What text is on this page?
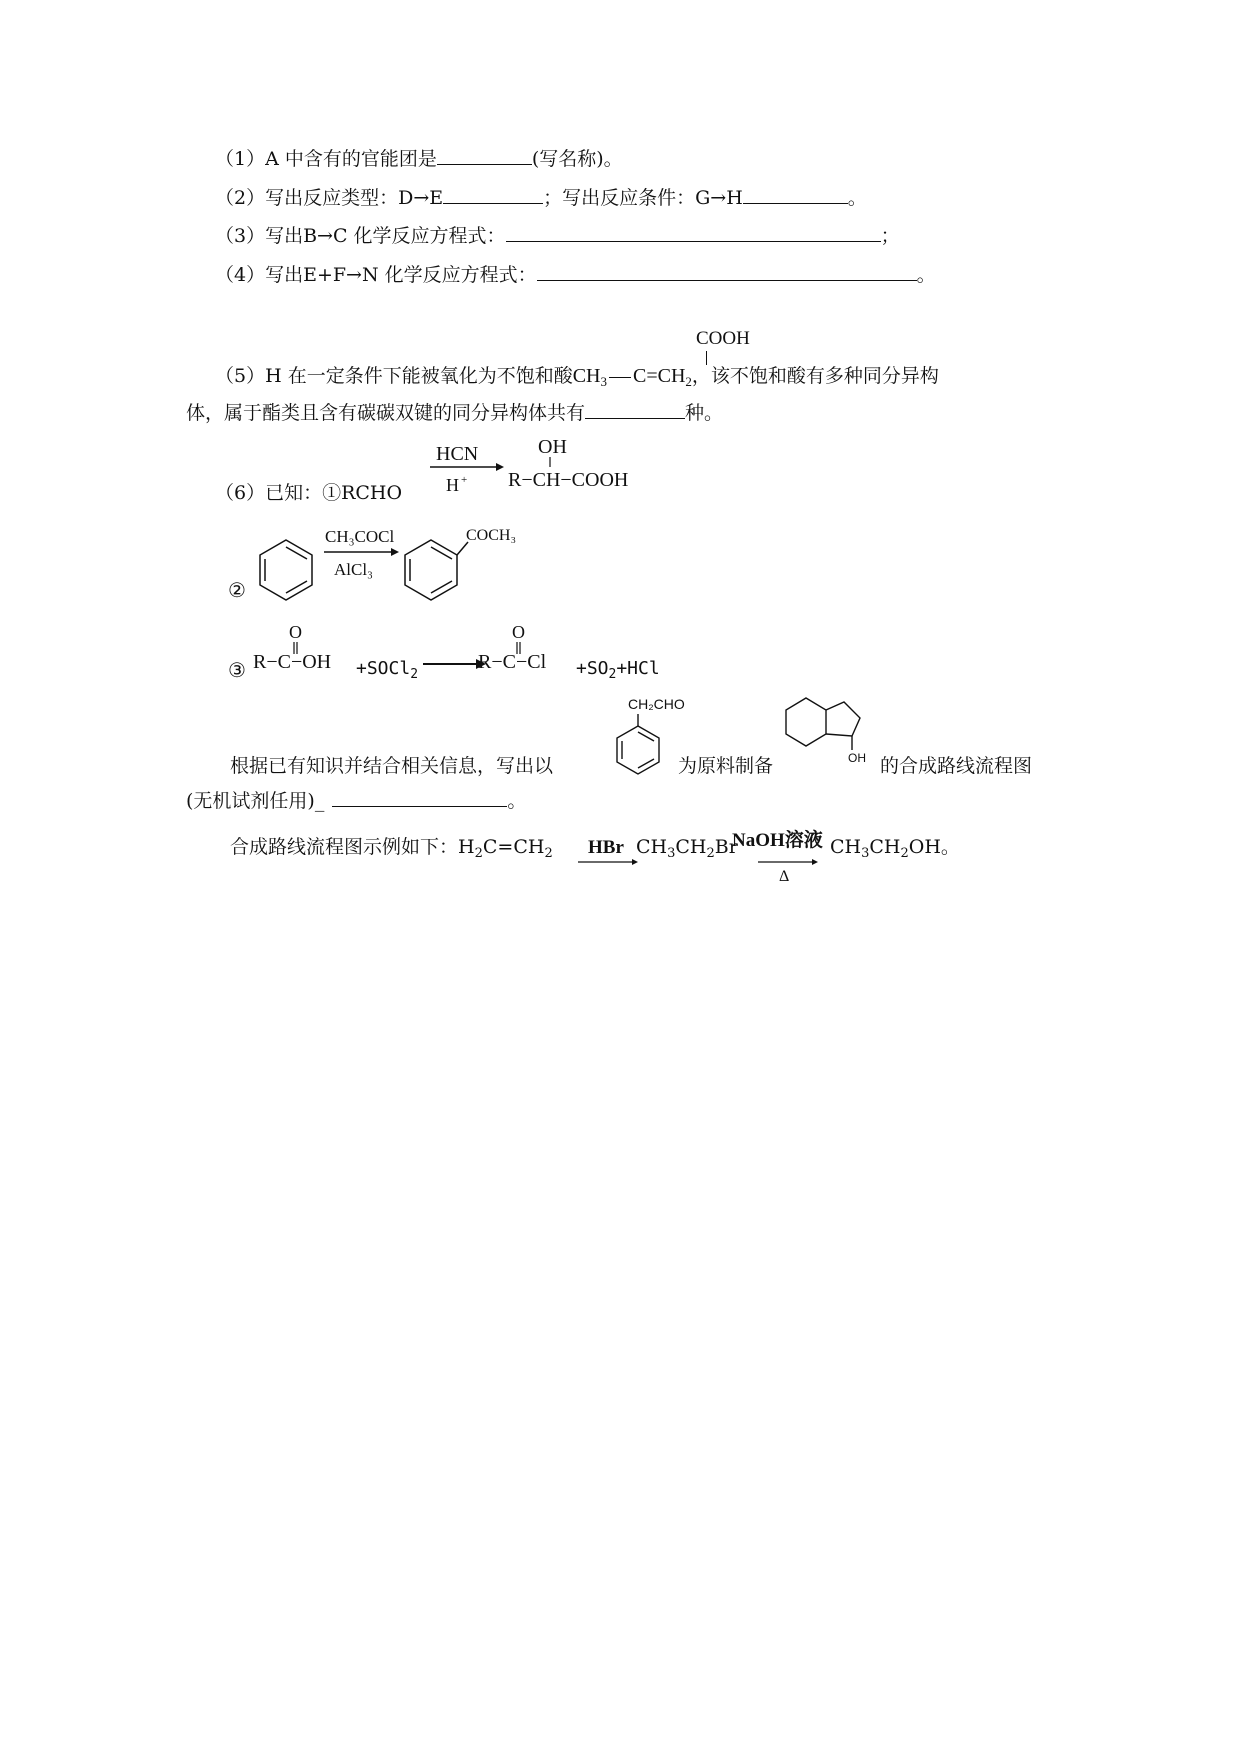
（1）A 中含有的官能团是	(写名称)。
（2）写出反应类型：D→E	；写出反应条件：G→H	。
（3）写出B→C 化学反应方程式：	；
（4）写出E+F→N 化学反应方程式：	。
COOH
（5）H 在一定条件下能被氧化为不饱和酸$CH_3$ $C=CH_2$，该不饱和酸有多种同分异构
体，属于酯类且含有碳碳双键的同分异构体共有	种。
（6）已知：①RCHO
HCN
H +
OH
R−CH−COOH
CH₃COCl
AlCl₃
COCH₃
②
③
O
R−C−OH
O
R−C−Cl
+SOCl$_2$	$+SO_2+HCl$
CH₂CHO
OH
根据已有知识并结合相关信息，写出以	为原料制备	的合成路线流程图
(无机试剂任用)_	。
合成路线流程图示例如下：$H_2C=CH_2$ HBr $CH_3CH_2Br$
NaOH溶液
Δ
$CH_3CH_2OH$。
